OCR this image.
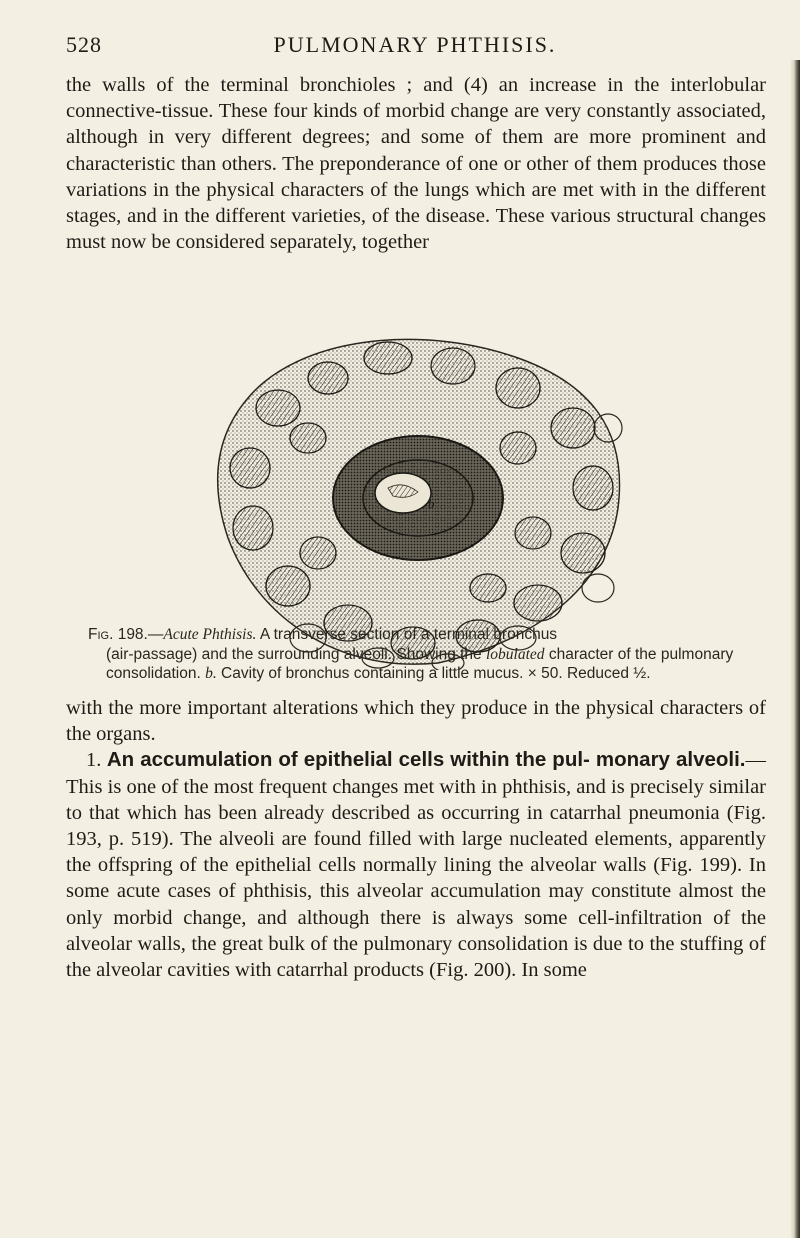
528	PULMONARY PHTHISIS.

the walls of the terminal bronchioles ; and (4) an increase in the interlobular connective-tissue. These four kinds of morbid change are very constantly associated, although in very different degrees; and some of them are more prominent and characteristic than others. The preponderance of one or other of them produces those variations in the physical characters of the lungs which are met with in the different stages, and in the different varieties, of the disease. These various structural changes must now be considered separately, together

b
Fig. 198.—Acute Phthisis. A transverse section of a terminal bronchus
(air-passage) and the surrounding alveoli. Showing the lobulated character of the pulmonary consolidation. b. Cavity of bronchus containing a little mucus. × 50. Reduced ½.

with the more important alterations which they produce in the physical characters of the organs.

1. An accumulation of epithelial cells within the pul- monary alveoli.—This is one of the most frequent changes met with in phthisis, and is precisely similar to that which has been already described as occurring in catarrhal pneumonia (Fig. 193, p. 519). The alveoli are found filled with large nucleated elements, apparently the offspring of the epithelial cells normally lining the alveolar walls (Fig. 199). In some acute cases of phthisis, this alveolar accumulation may constitute almost the only morbid change, and although there is always some cell-infiltration of the alveolar walls, the great bulk of the pulmonary consolidation is due to the stuffing of the alveolar cavities with catarrhal products (Fig. 200). In some
